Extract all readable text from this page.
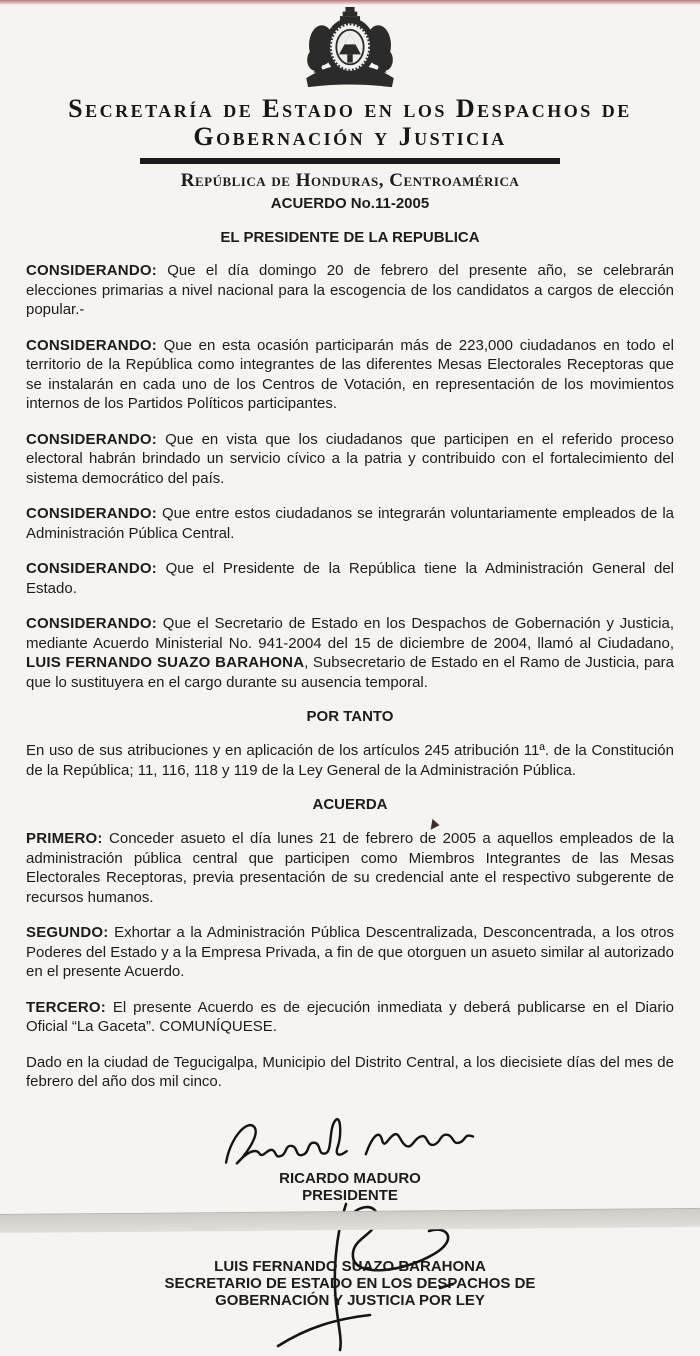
Secretaría de Estado en los Despachos de
Gobernación y Justicia
República de Honduras, Centroamérica
ACUERDO No.11-2005
EL PRESIDENTE DE LA REPUBLICA

CONSIDERANDO: Que el día domingo 20 de febrero del presente año, se celebrarán elecciones primarias a nivel nacional para la escogencia de los candidatos a cargos de elección popular.-

CONSIDERANDO: Que en esta ocasión participarán más de 223,000 ciudadanos en todo el territorio de la República como integrantes de las diferentes Mesas Electorales Receptoras que se instalarán en cada uno de los Centros de Votación, en representación de los movimientos internos de los Partidos Políticos participantes.

CONSIDERANDO: Que en vista que los ciudadanos que participen en el referido proceso electoral habrán brindado un servicio cívico a la patria y contribuido con el fortalecimiento del sistema democrático del país.

CONSIDERANDO: Que entre estos ciudadanos se integrarán voluntariamente empleados de la Administración Pública Central.

CONSIDERANDO: Que el Presidente de la República tiene la Administración General del Estado.

CONSIDERANDO: Que el Secretario de Estado en los Despachos de Gobernación y Justicia, mediante Acuerdo Ministerial No. 941-2004 del 15 de diciembre de 2004, llamó al Ciudadano, LUIS FERNANDO SUAZO BARAHONA, Subsecretario de Estado en el Ramo de Justicia, para que lo sustituyera en el cargo durante su ausencia temporal.

POR TANTO

En uso de sus atribuciones y en aplicación de los artículos 245 atribución 11ª. de la Constitución de la República; 11, 116, 118 y 119 de la Ley General de la Administración Pública.

ACUERDA

PRIMERO: Conceder asueto el día lunes 21 de febrero de 2005 a aquellos empleados de la administración pública central que participen como Miembros Integrantes de las Mesas Electorales Receptoras, previa presentación de su credencial ante el respectivo subgerente de recursos humanos.

SEGUNDO: Exhortar a la Administración Pública Descentralizada, Desconcentrada, a los otros Poderes del Estado y a la Empresa Privada, a fin de que otorguen un asueto similar al autorizado en el presente Acuerdo.

TERCERO: El presente Acuerdo es de ejecución inmediata y deberá publicarse en el Diario Oficial “La Gaceta”. COMUNÍQUESE.

Dado en la ciudad de Tegucigalpa, Municipio del Distrito Central, a los diecisiete días del mes de febrero del año dos mil cinco.

RICARDO MADURO
PRESIDENTE
LUIS FERNANDO SUAZO BARAHONA
SECRETARIO DE ESTADO EN LOS DESPACHOS DE
GOBERNACIÓN Y JUSTICIA POR LEY
